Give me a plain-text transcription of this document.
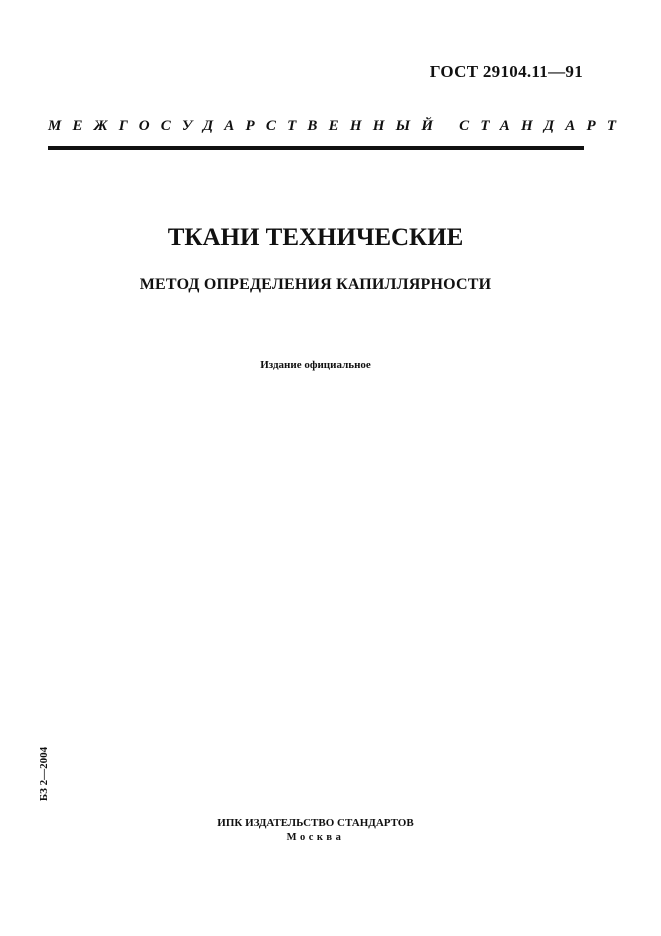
ГОСТ 29104.11—91
МЕЖГОСУДАРСТВЕННЫЙ СТАНДАРТ
ТКАНИ ТЕХНИЧЕСКИЕ
МЕТОД ОПРЕДЕЛЕНИЯ КАПИЛЛЯРНОСТИ
Издание официальное
БЗ 2—2004
ИПК ИЗДАТЕЛЬСТВО СТАНДАРТОВ
Москва
